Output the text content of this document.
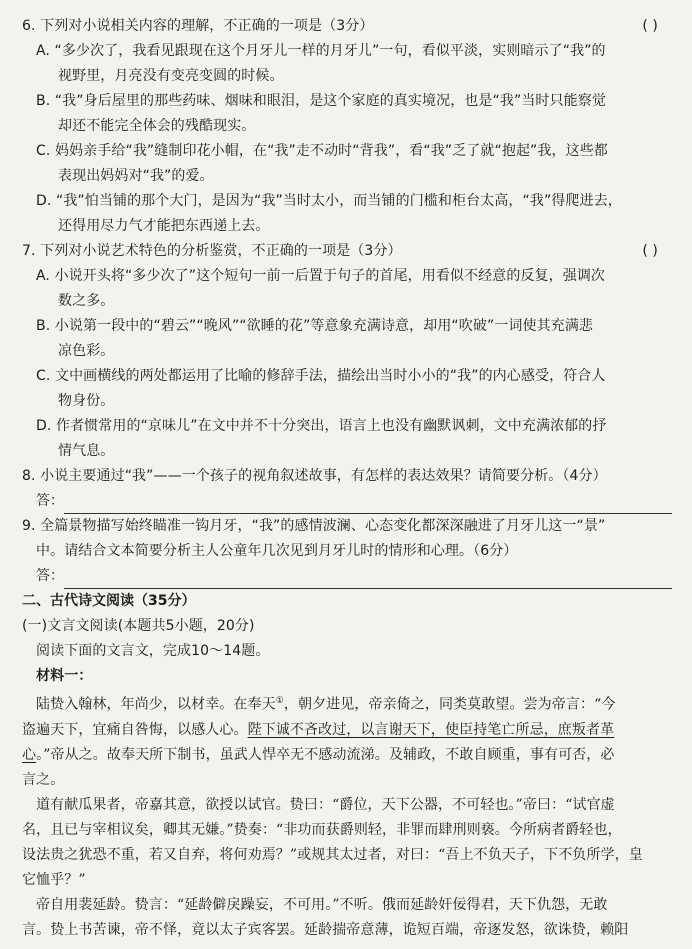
6. 下列对小说相关内容的理解，不正确的一项是（3分）	( )
A. “多少次了，我看见跟现在这个月牙儿一样的月牙儿”一句，看似平淡，实则暗示了“我”的
视野里，月亮没有变亮变圆的时候。
B. “我”身后屋里的那些药味、烟味和眼泪，是这个家庭的真实境况，也是“我”当时只能察觉
却还不能完全体会的残酷现实。
C. 妈妈亲手给“我”缝制印花小帽，在“我”走不动时“背我”，看“我”乏了就“抱起”我，这些都
表现出妈妈对“我”的爱。
D. “我”怕当铺的那个大门，是因为“我”当时太小，而当铺的门槛和柜台太高，“我”得爬进去，
还得用尽力气才能把东西递上去。
7. 下列对小说艺术特色的分析鉴赏，不正确的一项是（3分）	( )
A. 小说开头将“多少次了”这个短句一前一后置于句子的首尾，用看似不经意的反复，强调次
数之多。
B. 小说第一段中的“碧云”“晚风”“欲睡的花”等意象充满诗意，却用“吹破”一词使其充满悲
凉色彩。
C. 文中画横线的两处都运用了比喻的修辞手法，描绘出当时小小的“我”的内心感受，符合人
物身份。
D. 作者惯常用的“京味儿”在文中并不十分突出，语言上也没有幽默讽刺，文中充满浓郁的抒
情气息。
8. 小说主要通过“我”——一个孩子的视角叙述故事，有怎样的表达效果？请简要分析。（4分）
答：
9. 全篇景物描写始终瞄准一钩月牙，“我”的感情波澜、心态变化都深深融进了月牙儿这一“景”
中。请结合文本简要分析主人公童年几次见到月牙儿时的情形和心理。（6分）
答：
二、古代诗文阅读（35分）
(一)文言文阅读(本题共5小题，20分)
阅读下面的文言文，完成10～14题。
材料一：
陆贽入翰林，年尚少，以材幸。在奉天①，朝夕进见，帝亲倚之，同类莫敢望。尝为帝言：“今
盗遍天下，宜痛自咎悔，以感人心。陛下诚不吝改过，以言谢天下，使臣持笔亡所忌，庶叛者革
心。”帝从之。故奉天所下制书，虽武人悍卒无不感动流涕。及辅政，不敢自顾重，事有可否，必
言之。
道有献瓜果者，帝嘉其意，欲授以试官。贽曰：“爵位，天下公器，不可轻也。”帝曰：“试官虚
名，且已与宰相议矣，卿其无嫌。”贽奏：“非功而获爵则轻，非罪而肆刑则亵。今所病者爵轻也，
设法贵之犹恐不重，若又自弃，将何劝焉？”或规其太过者，对曰：“吾上不负天子，下不负所学，皇
它恤乎？”
帝自用裴延龄。贽言：“延龄僻戾躁妄，不可用。”不听。俄而延龄奸佞得君，天下仇怨，无敢
言。贽上书苦谏，帝不怿，竟以太子宾客罢。延龄揣帝意薄，诡短百端，帝逐发怒，欲诛贽，赖阳
